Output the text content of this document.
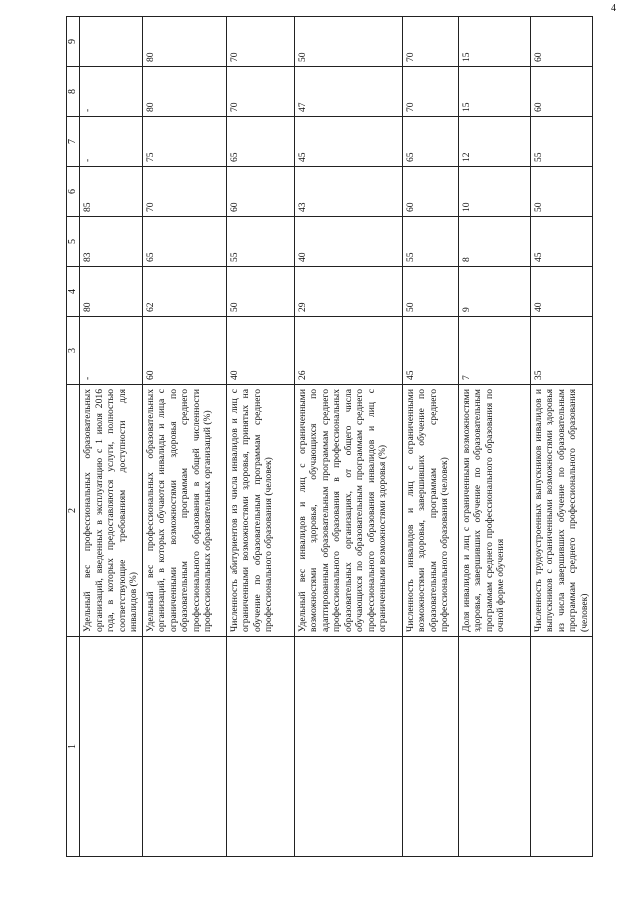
4
1	2	3	4	5	6	7	8	9
	Удельный вес профессиональных образовательных организаций, введенных в эксплуатацию с 1 июля 2016 года, в которых предоставляются услуги, полностью соответствующие требованиям доступности для инвалидов (%)	-	80	83	85	-	-	
	Удельный вес профессиональных образовательных организаций, в которых обучаются инвалиды и лица с ограниченными возможностями здоровья по образовательным программам среднего профессионального образования в общей численности профессиональных образовательных организаций (%)	60	62	65	70	75	80	80
	Численность абитуриентов из числа инвалидов и лиц с ограниченными возможностями здоровья, принятых на обучение по образовательным программам среднего профессионального образования (человек)	40	50	55	60	65	70	70
	Удельный вес инвалидов и лиц с ограниченными возможностями здоровья, обучающихся по адаптированным образовательным программам среднего профессионального образования в профессиональных образовательных организациях, от общего числа обучающихся по образовательным программам среднего профессионального образования инвалидов и лиц с ограниченными возможностями здоровья (%)	26	29	40	43	45	47	50
	Численность инвалидов и лиц с ограниченными возможностями здоровья, завершивших обучение по образовательным программам среднего профессионального образования (человек)	45	50	55	60	65	70	70
	Доля инвалидов и лиц с ограниченными возможностями здоровья, завершивших обучение по образовательным программам среднего профессионального образования по очной форме обучения	7	9	8	10	12	15	15
	Численность трудоустроенных выпускников инвалидов и выпускников с ограниченными возможностями здоровья из числа завершивших обучение по образовательным программам среднего профессионального образования (человек)	35	40	45	50	55	60	60
